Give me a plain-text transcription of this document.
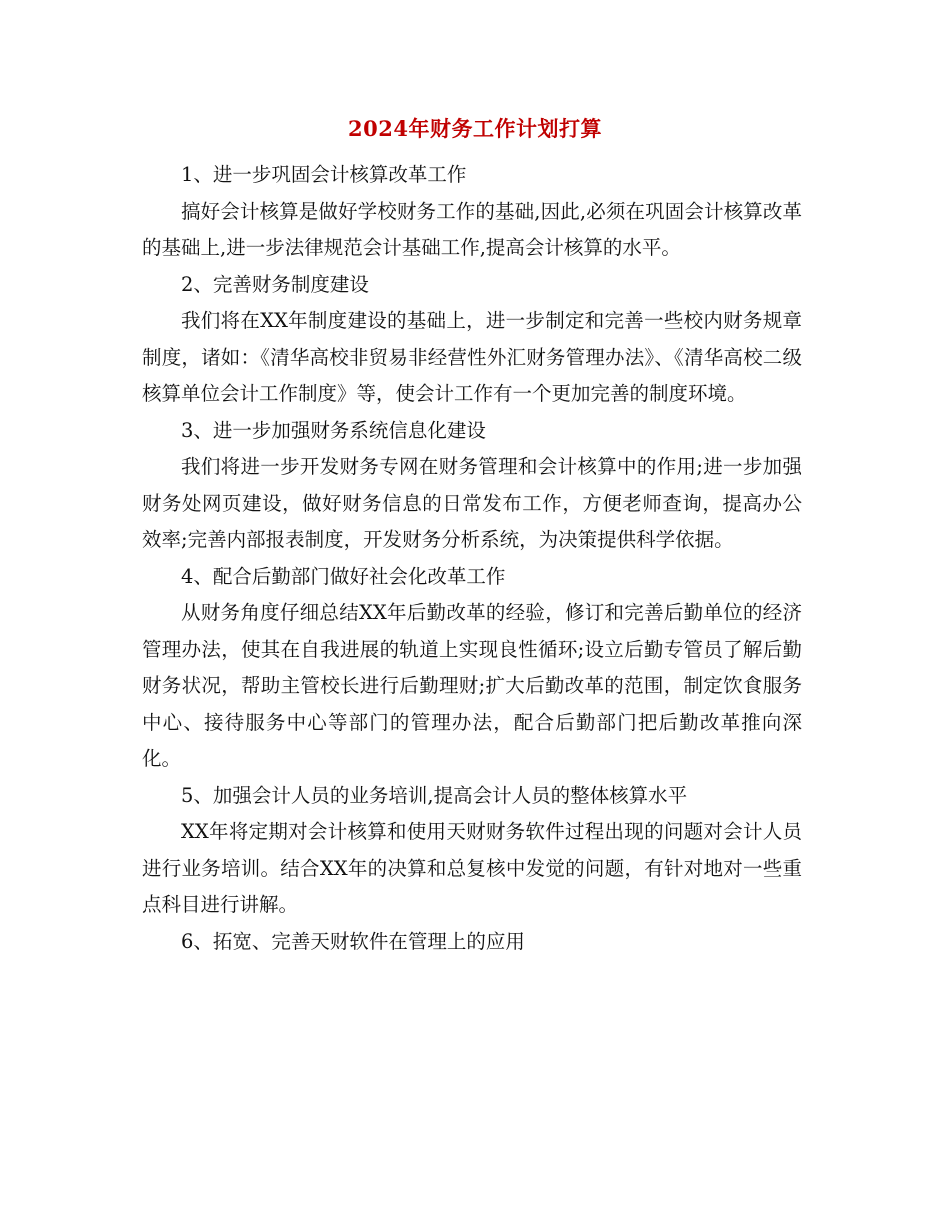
2024年财务工作计划打算

1、进一步巩固会计核算改革工作

搞好会计核算是做好学校财务工作的基础,因此,必须在巩固会计核算改革的基础上,进一步法律规范会计基础工作,提高会计核算的水平。

2、完善财务制度建设

我们将在XX年制度建设的基础上，进一步制定和完善一些校内财务规章制度，诸如：《清华高校非贸易非经营性外汇财务管理办法》、《清华高校二级核算单位会计工作制度》等，使会计工作有一个更加完善的制度环境。

3、进一步加强财务系统信息化建设

我们将进一步开发财务专网在财务管理和会计核算中的作用;进一步加强财务处网页建设，做好财务信息的日常发布工作，方便老师查询，提高办公效率;完善内部报表制度，开发财务分析系统，为决策提供科学依据。

4、配合后勤部门做好社会化改革工作

从财务角度仔细总结XX年后勤改革的经验，修订和完善后勤单位的经济管理办法，使其在自我进展的轨道上实现良性循环;设立后勤专管员了解后勤财务状况，帮助主管校长进行后勤理财;扩大后勤改革的范围，制定饮食服务中心、接待服务中心等部门的管理办法，配合后勤部门把后勤改革推向深化。

5、加强会计人员的业务培训,提高会计人员的整体核算水平

XX年将定期对会计核算和使用天财财务软件过程出现的问题对会计人员进行业务培训。结合XX年的决算和总复核中发觉的问题，有针对地对一些重点科目进行讲解。

6、拓宽、完善天财软件在管理上的应用
